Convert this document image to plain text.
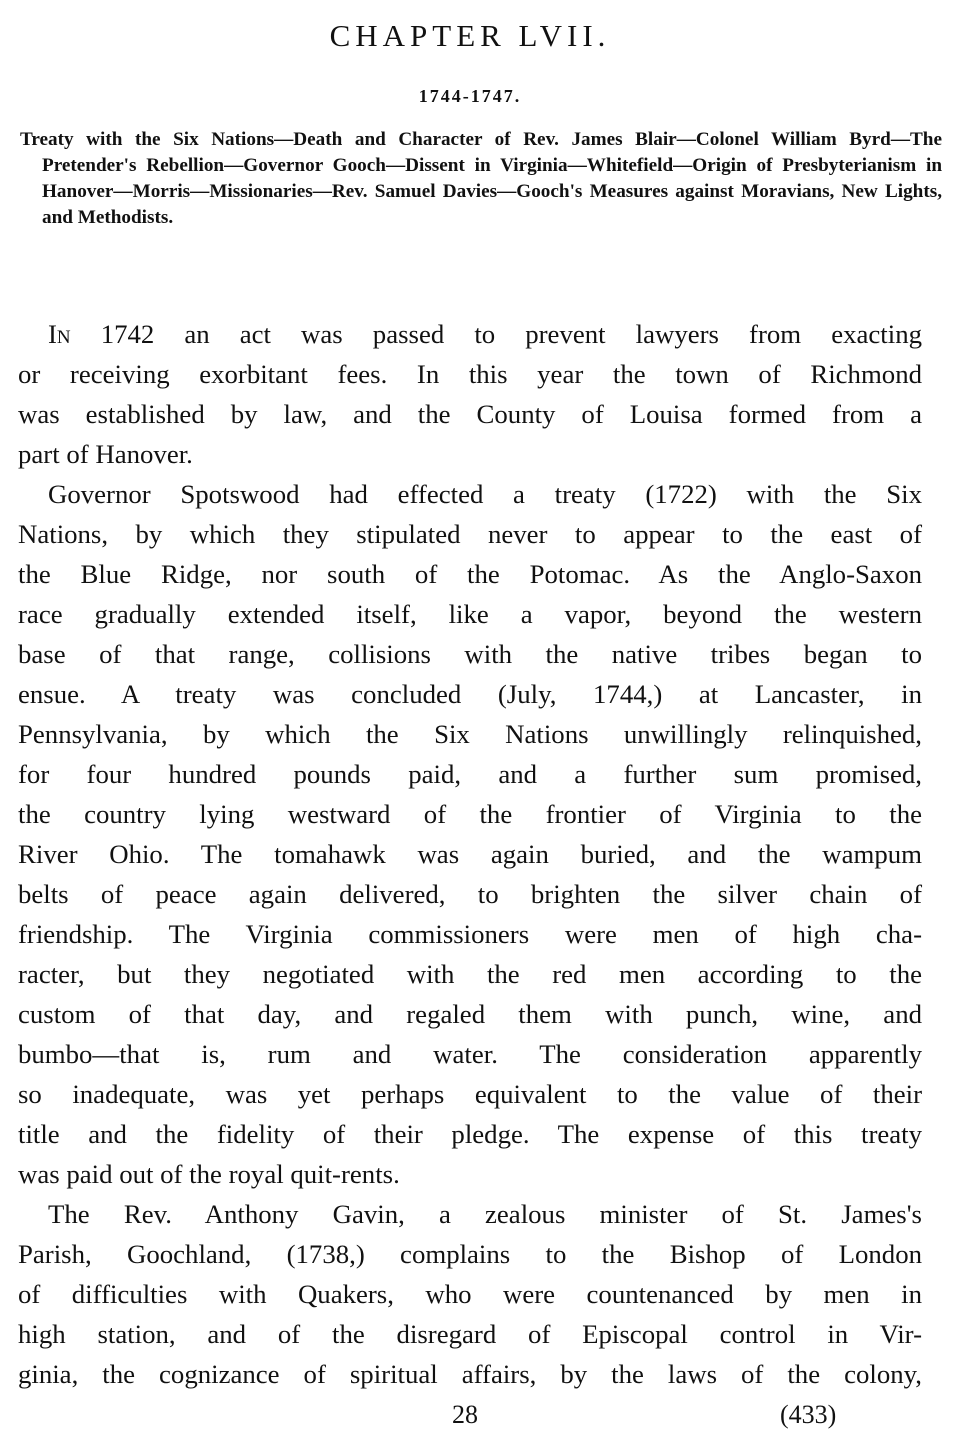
CHAPTER LVII.
1744-1747.

Treaty with the Six Nations—Death and Character of Rev. James Blair—Colonel William Byrd—The Pretender's Rebellion—Governor Gooch—Dissent in Virginia—Whitefield—Origin of Presbyterianism in Hanover—Morris—Missionaries—Rev. Samuel Davies—Gooch's Measures against Moravians, New Lights, and Methodists.

In 1742 an act was passed to prevent lawyers from exacting
or receiving exorbitant fees. In this year the town of Richmond
was established by law, and the County of Louisa formed from a
part of Hanover.
Governor Spotswood had effected a treaty (1722) with the Six
Nations, by which they stipulated never to appear to the east of
the Blue Ridge, nor south of the Potomac. As the Anglo-Saxon
race gradually extended itself, like a vapor, beyond the western
base of that range, collisions with the native tribes began to
ensue. A treaty was concluded (July, 1744,) at Lancaster, in
Pennsylvania, by which the Six Nations unwillingly relinquished,
for four hundred pounds paid, and a further sum promised,
the country lying westward of the frontier of Virginia to the
River Ohio. The tomahawk was again buried, and the wampum
belts of peace again delivered, to brighten the silver chain of
friendship. The Virginia commissioners were men of high cha-
racter, but they negotiated with the red men according to the
custom of that day, and regaled them with punch, wine, and
bumbo—that is, rum and water. The consideration apparently
so inadequate, was yet perhaps equivalent to the value of their
title and the fidelity of their pledge. The expense of this treaty
was paid out of the royal quit-rents.
The Rev. Anthony Gavin, a zealous minister of St. James's
Parish, Goochland, (1738,) complains to the Bishop of London
of difficulties with Quakers, who were countenanced by men in
high station, and of the disregard of Episcopal control in Vir-
ginia, the cognizance of spiritual affairs, by the laws of the colony,
28	(433)
